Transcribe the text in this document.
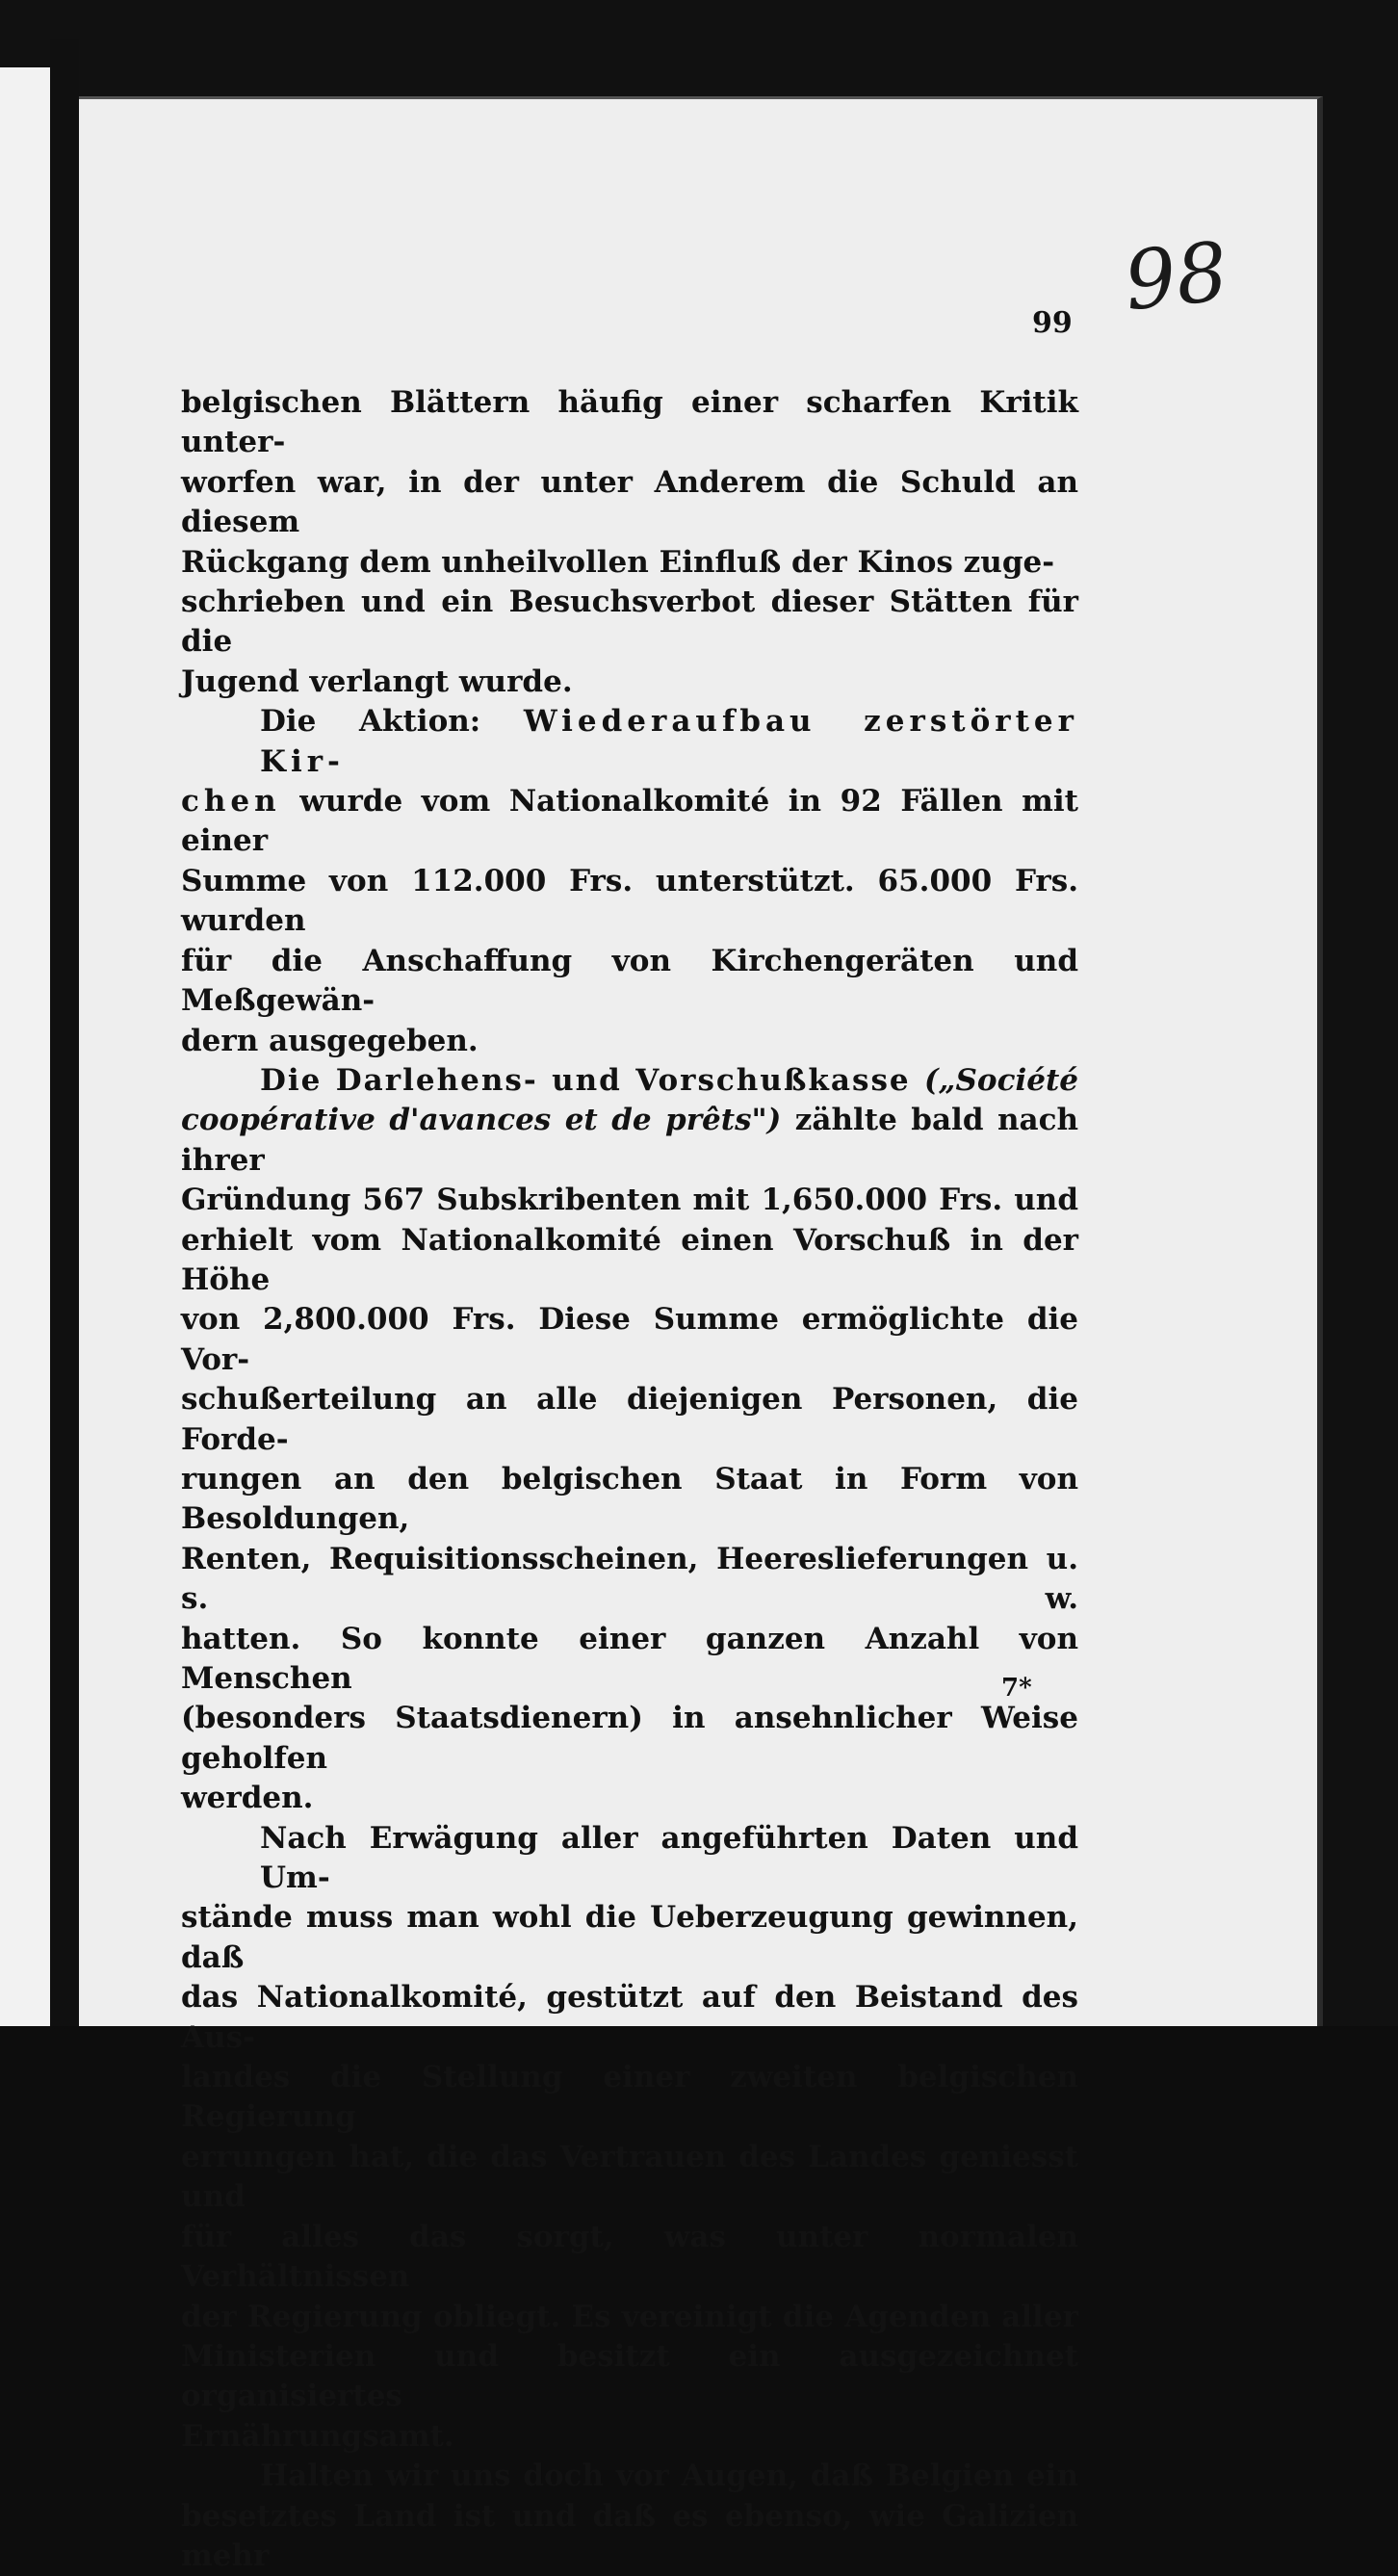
98
99

belgischen Blättern häufig einer scharfen Kritik unter-
worfen war, in der unter Anderem die Schuld an diesem
Rückgang dem unheilvollen Einfluß der Kinos zuge-
schrieben und ein Besuchsverbot dieser Stätten für die
Jugend verlangt wurde.

Die Aktion: Wiederaufbau zerstörter Kir-
chen wurde vom Nationalkomité in 92 Fällen mit einer
Summe von 112.000 Frs. unterstützt. 65.000 Frs. wurden
für die Anschaffung von Kirchengeräten und Meßgewän-
dern ausgegeben.

Die Darlehens- und Vorschußkasse („Société
coopérative d'avances et de prêts") zählte bald nach ihrer
Gründung 567 Subskribenten mit 1,650.000 Frs. und
erhielt vom Nationalkomité einen Vorschuß in der Höhe
von 2,800.000 Frs. Diese Summe ermöglichte die Vor-
schußerteilung an alle diejenigen Personen, die Forde-
rungen an den belgischen Staat in Form von Besoldungen,
Renten, Requisitionsscheinen, Heereslieferungen u. s. w.
hatten. So konnte einer ganzen Anzahl von Menschen
(besonders Staatsdienern) in ansehnlicher Weise geholfen
werden.

Nach Erwägung aller angeführten Daten und Um-
stände muss man wohl die Ueberzeugung gewinnen, daß
das Nationalkomité, gestützt auf den Beistand des Aus-
landes die Stellung einer zweiten belgischen Regierung
errungen hat, die das Vertrauen des Landes geniesst und
für alles das sorgt, was unter normalen Verhältnissen
der Regierung obliegt. Es vereinigt die Agenden aller
Ministerien und besitzt ein ausgezeichnet organisiertes
Ernährungsamt.

Halten wir uns doch vor Augen, daß Belgien ein
besetztes Land ist und daß es ebenso, wie Galizien mehr

7*
